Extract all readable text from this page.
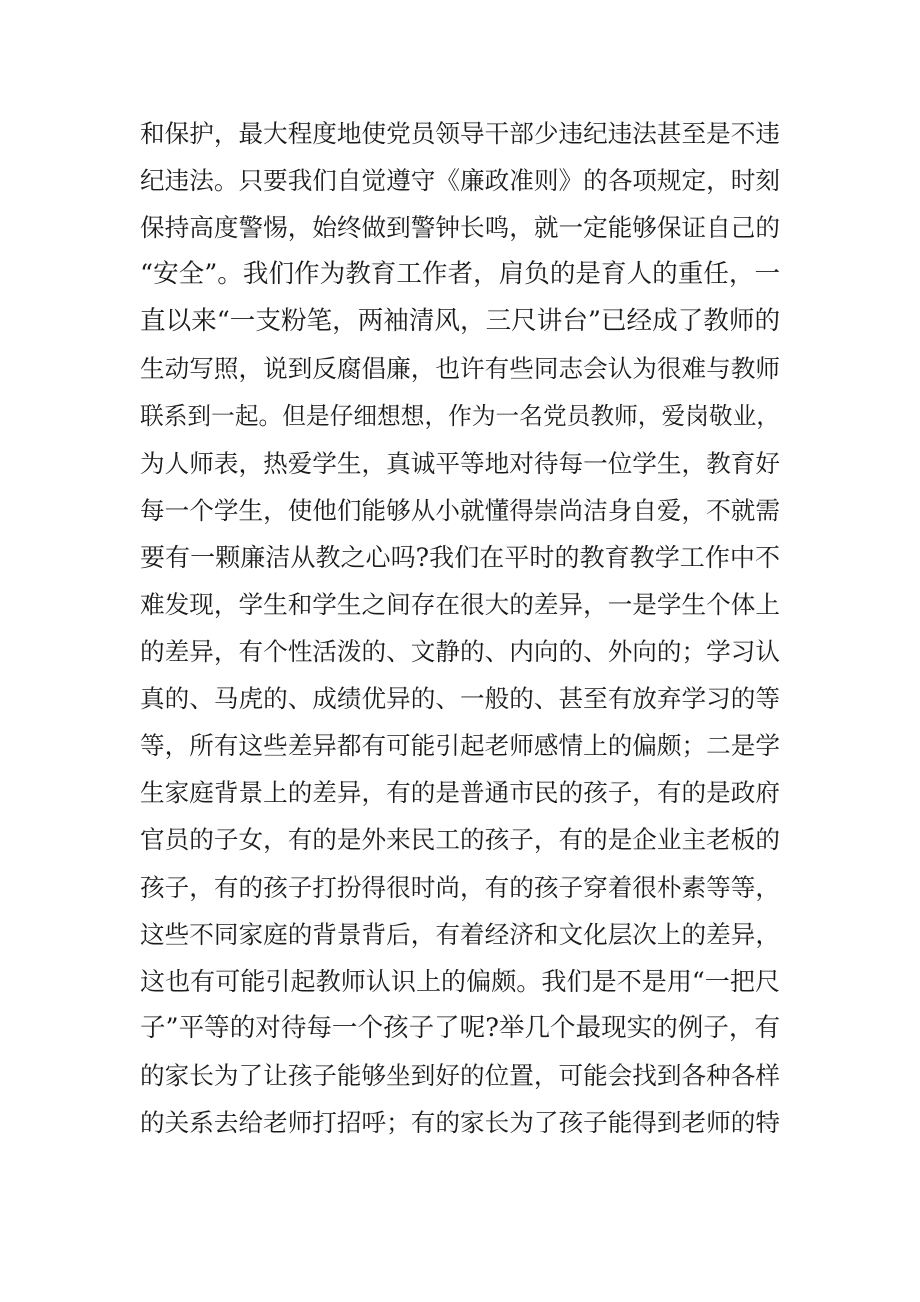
和保护，最大程度地使党员领导干部少违纪违法甚至是不违
纪违法。只要我们自觉遵守《廉政准则》的各项规定，时刻
保持高度警惕，始终做到警钟长鸣，就一定能够保证自己的
“安全”。我们作为教育工作者，肩负的是育人的重任，一
直以来“一支粉笔，两袖清风，三尺讲台”已经成了教师的
生动写照，说到反腐倡廉，也许有些同志会认为很难与教师
联系到一起。但是仔细想想，作为一名党员教师，爱岗敬业，
为人师表，热爱学生，真诚平等地对待每一位学生，教育好
每一个学生，使他们能够从小就懂得崇尚洁身自爱，不就需
要有一颗廉洁从教之心吗?我们在平时的教育教学工作中不
难发现，学生和学生之间存在很大的差异，一是学生个体上
的差异，有个性活泼的、文静的、内向的、外向的；学习认
真的、马虎的、成绩优异的、一般的、甚至有放弃学习的等
等，所有这些差异都有可能引起老师感情上的偏颇；二是学
生家庭背景上的差异，有的是普通市民的孩子，有的是政府
官员的子女，有的是外来民工的孩子，有的是企业主老板的
孩子，有的孩子打扮得很时尚，有的孩子穿着很朴素等等，
这些不同家庭的背景背后，有着经济和文化层次上的差异，
这也有可能引起教师认识上的偏颇。我们是不是用“一把尺
子”平等的对待每一个孩子了呢?举几个最现实的例子，有
的家长为了让孩子能够坐到好的位置，可能会找到各种各样
的关系去给老师打招呼；有的家长为了孩子能得到老师的特
